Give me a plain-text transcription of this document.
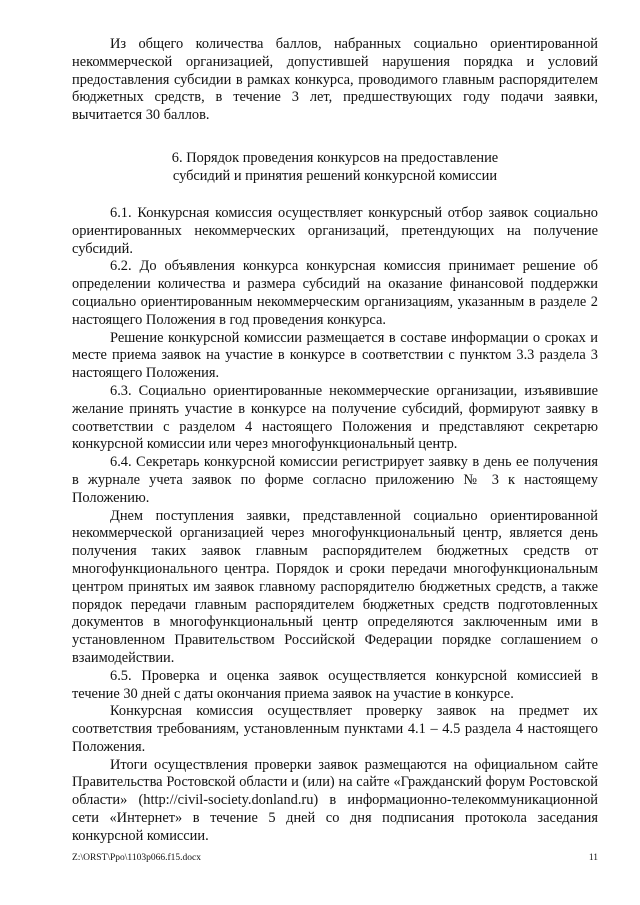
Из общего количества баллов, набранных социально ориентированной некоммерческой организацией, допустившей нарушения порядка и условий предоставления субсидии в рамках конкурса, проводимого главным распорядителем бюджетных средств, в течение 3 лет, предшествующих году подачи заявки, вычитается 30 баллов.

6. Порядок проведения конкурсов на предоставление
субсидий и принятия решений конкурсной комиссии

6.1. Конкурсная комиссия осуществляет конкурсный отбор заявок социально ориентированных некоммерческих организаций, претендующих на получение субсидий.

6.2. До объявления конкурса конкурсная комиссия принимает решение об определении количества и размера субсидий на оказание финансовой поддержки социально ориентированным некоммерческим организациям, указанным в разделе 2 настоящего Положения в год проведения конкурса.

Решение конкурсной комиссии размещается в составе информации о сроках и месте приема заявок на участие в конкурсе в соответствии с пунктом 3.3 раздела 3 настоящего Положения.

6.3. Социально ориентированные некоммерческие организации, изъявившие желание принять участие в конкурсе на получение субсидий, формируют заявку в соответствии с разделом 4 настоящего Положения и представляют секретарю конкурсной комиссии или через многофункциональный центр.

6.4. Секретарь конкурсной комиссии регистрирует заявку в день ее получения в журнале учета заявок по форме согласно приложению № 3 к настоящему Положению.

Днем поступления заявки, представленной социально ориентированной некоммерческой организацией через многофункциональный центр, является день получения таких заявок главным распорядителем бюджетных средств от многофункционального центра. Порядок и сроки передачи многофункциональным центром принятых им заявок главному распорядителю бюджетных средств, а также порядок передачи главным распорядителем бюджетных средств подготовленных документов в многофункциональный центр определяются заключенным ими в установленном Правительством Российской Федерации порядке соглашением о взаимодействии.

6.5. Проверка и оценка заявок осуществляется конкурсной комиссией в течение 30 дней с даты окончания приема заявок на участие в конкурсе.

Конкурсная комиссия осуществляет проверку заявок на предмет их соответствия требованиям, установленным пунктами 4.1 – 4.5 раздела 4 настоящего Положения.

Итоги осуществления проверки заявок размещаются на официальном сайте Правительства Ростовской области и (или) на сайте «Гражданский форум Ростовской области» (http://civil-society.donland.ru) в информационно-телекоммуникационной сети «Интернет» в течение 5 дней со дня подписания протокола заседания конкурсной комиссии.

Z:\ORST\Ppo\1103p066.f15.docx	11
